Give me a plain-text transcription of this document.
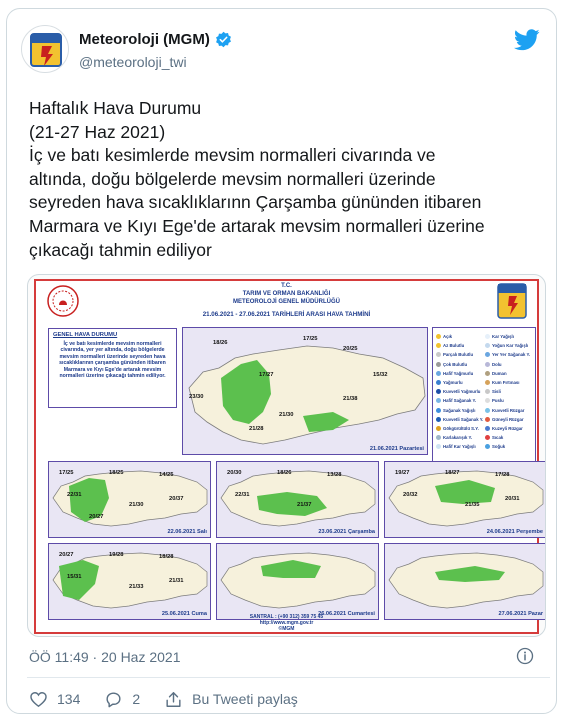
Meteoroloji (MGM)
@meteoroloji_twi
Haftalık Hava Durumu
(21-27 Haz 2021)
İç ve batı kesimlerde mevsim normalleri civarında ve
altında, doğu bölgelerde mevsim normalleri üzerinde
seyreden hava sıcaklıklarınn Çarşamba gününden itibaren
Marmara ve Kıyı Ege'de artarak mevsim normalleri üzerine
çıkacağı tahmin ediliyor
T.C.
TARIM VE ORMAN BAKANLIĞI
METEOROLOJİ GENEL MÜDÜRLÜĞÜ
21.06.2021 - 27.06.2021 TARİHLERİ ARASI HAVA TAHMİNİ
GENEL HAVA DURUMU
İç ve batı kesimlerde mevsim normalleri civarında, yer yer altında, doğu bölgelerde mevsim normalleri üzerinde seyreden hava sıcaklıklarının çarşamba gününden itibaren Marmara ve Kıyı Ege'de artarak mevsim normalleri üzerine çıkacağı tahmin ediliyor.
18/26
17/25
20/25
17/27	15/32
23/30	21/38
21/30
21/28
21.06.2021 Pazartesi
Açık
Az Bulutlu
Parçalı Bulutlu
Çok Bulutlu
Hafif Yağmurlu
Yağmurlu
Kuvvetli Yağmurlu
Hafif Sağanak Y.
Sağanak Yağışlı
Kuvvetli Sağanak Y.
Gökgürültülü S.Y.
Karlakarışık Y.
Hafif Kar Yağışlı
Kar Yağışlı
Yoğun Kar Yağışlı
Yer Yer Sağanak Y.
Dolu
Duman
Kum Fırtınası
Sisli
Puslu
Kuvvetli Rüzgar
Güneyli Rüzgar
Kuzeyli Rüzgar
Sıcak
Soğuk
17/25	18/25	14/25
22/31
21/30
20/37
20/27
22.06.2021 Salı
20/30	18/26	13/28
22/31
21/37
23.06.2021 Çarşamba
19/27	18/27	17/28
20/32
21/35
20/31
24.06.2021 Perşembe
20/27	19/28	18/28
15/31
21/33
21/31
25.06.2021 Cuma	26.06.2021 Cumartesi	27.06.2021 Pazar
SANTRAL : (+90 312) 359 75 45
http://www.mgm.gov.tr
©MGM
ÖÖ 11:49 · 20 Haz 2021
134	2	Bu Tweeti paylaş
